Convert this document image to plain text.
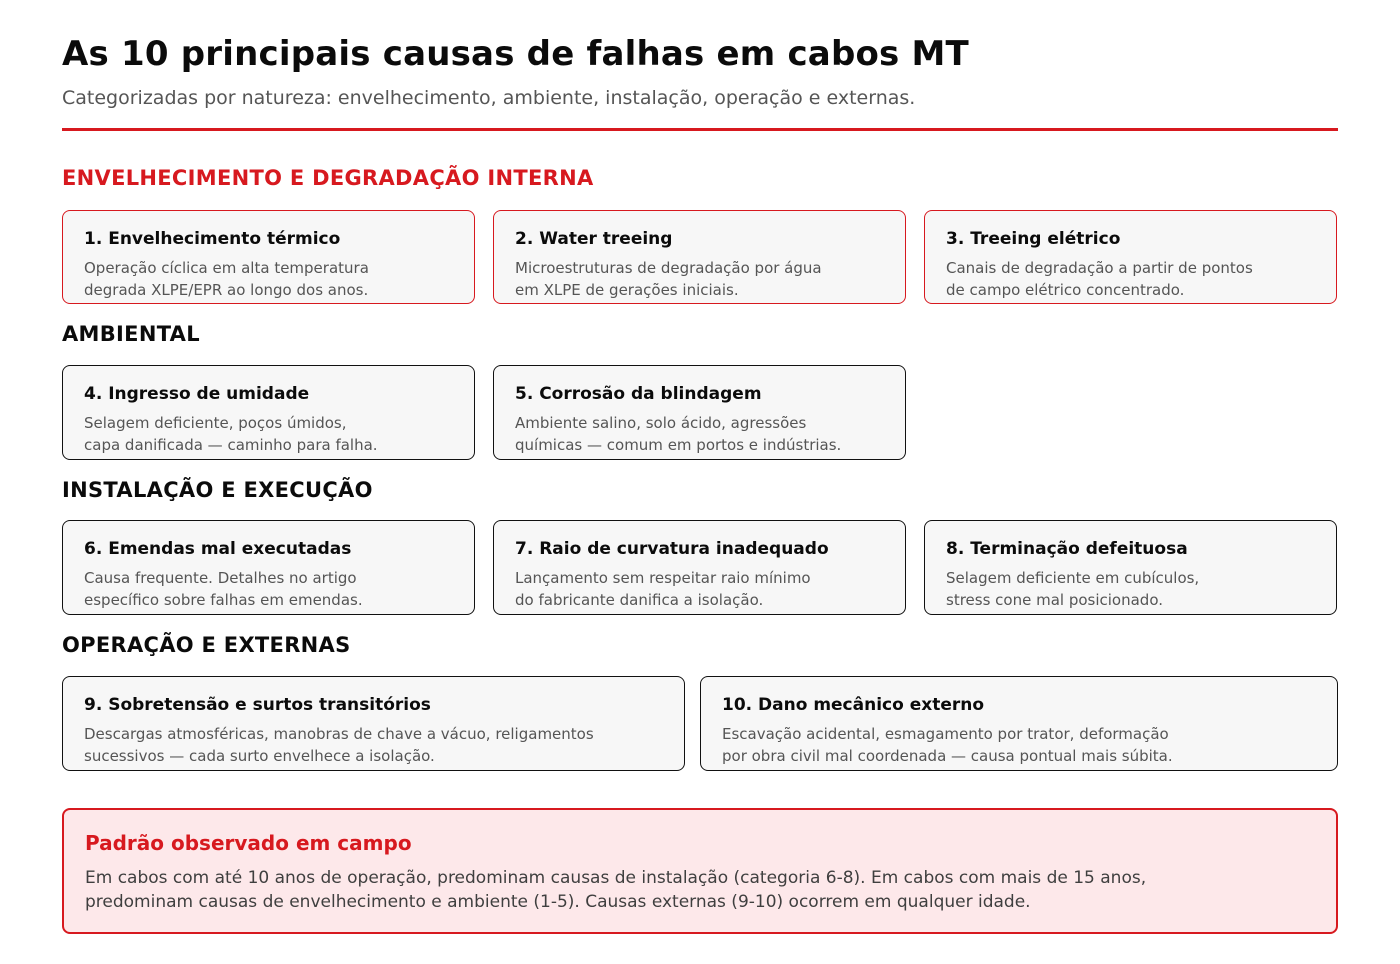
As 10 principais causas de falhas em cabos MT

Categorizadas por natureza: envelhecimento, ambiente, instalação, operação e externas.

ENVELHECIMENTO E DEGRADAÇÃO INTERNA
1. Envelhecimento térmico
Operação cíclica em alta temperatura
degrada XLPE/EPR ao longo dos anos.
2. Water treeing
Microestruturas de degradação por água
em XLPE de gerações iniciais.
3. Treeing elétrico
Canais de degradação a partir de pontos
de campo elétrico concentrado.
AMBIENTAL
4. Ingresso de umidade
Selagem deficiente, poços úmidos,
capa danificada — caminho para falha.
5. Corrosão da blindagem
Ambiente salino, solo ácido, agressões
químicas — comum em portos e indústrias.
INSTALAÇÃO E EXECUÇÃO
6. Emendas mal executadas
Causa frequente. Detalhes no artigo
específico sobre falhas em emendas.
7. Raio de curvatura inadequado
Lançamento sem respeitar raio mínimo
do fabricante danifica a isolação.
8. Terminação defeituosa
Selagem deficiente em cubículos,
stress cone mal posicionado.
OPERAÇÃO E EXTERNAS
9. Sobretensão e surtos transitórios
Descargas atmosféricas, manobras de chave a vácuo, religamentos
sucessivos — cada surto envelhece a isolação.
10. Dano mecânico externo
Escavação acidental, esmagamento por trator, deformação
por obra civil mal coordenada — causa pontual mais súbita.
Padrão observado em campo
Em cabos com até 10 anos de operação, predominam causas de instalação (categoria 6-8). Em cabos com mais de 15 anos,
predominam causas de envelhecimento e ambiente (1-5). Causas externas (9-10) ocorrem em qualquer idade.
